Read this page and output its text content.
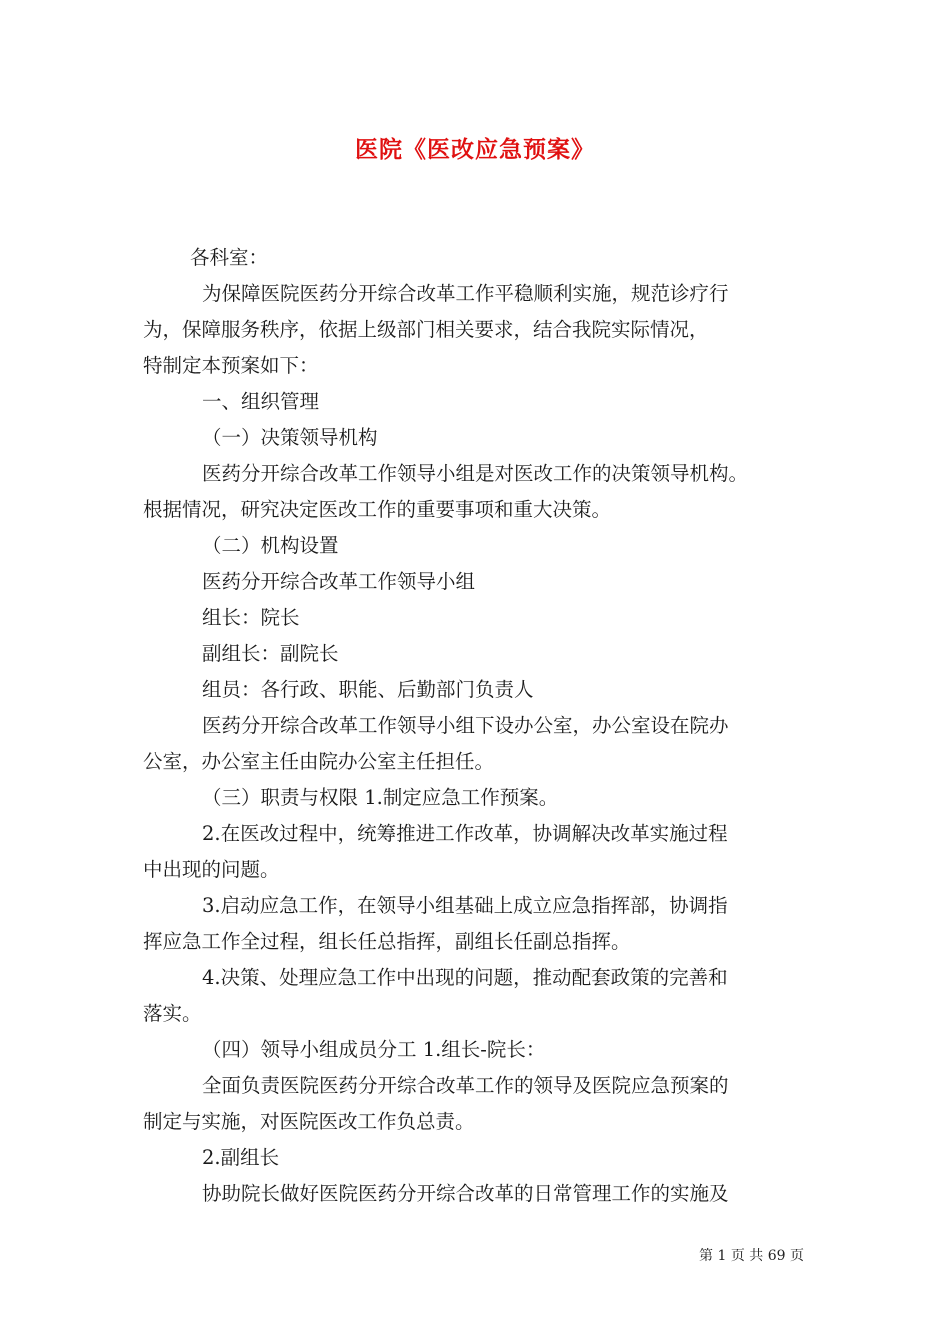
医院《医改应急预案》
各科室：
为保障医院医药分开综合改革工作平稳顺利实施，规范诊疗行
为，保障服务秩序，依据上级部门相关要求，结合我院实际情况，
特制定本预案如下：
一、组织管理
（一）决策领导机构
医药分开综合改革工作领导小组是对医改工作的决策领导机构。
根据情况，研究决定医改工作的重要事项和重大决策。
（二）机构设置
医药分开综合改革工作领导小组
组长：院长
副组长：副院长
组员：各行政、职能、后勤部门负责人
医药分开综合改革工作领导小组下设办公室，办公室设在院办
公室，办公室主任由院办公室主任担任。
（三）职责与权限 1.制定应急工作预案。
2.在医改过程中，统筹推进工作改革，协调解决改革实施过程
中出现的问题。
3.启动应急工作，在领导小组基础上成立应急指挥部，协调指
挥应急工作全过程，组长任总指挥，副组长任副总指挥。
4.决策、处理应急工作中出现的问题，推动配套政策的完善和
落实。
（四）领导小组成员分工 1.组长-院长：
全面负责医院医药分开综合改革工作的领导及医院应急预案的
制定与实施，对医院医改工作负总责。
2.副组长
协助院长做好医院医药分开综合改革的日常管理工作的实施及
第 1 页 共 69 页
